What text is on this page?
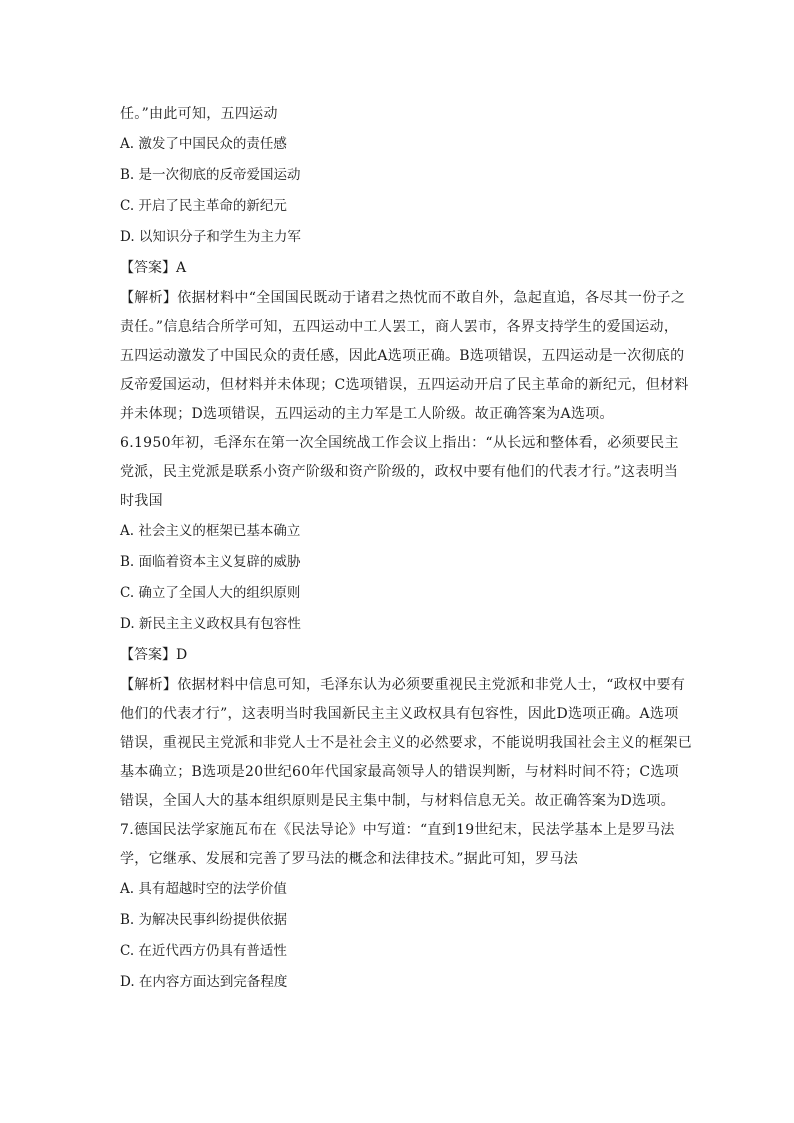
任。”由此可知，五四运动
A. 激发了中国民众的责任感
B. 是一次彻底的反帝爱国运动
C. 开启了民主革命的新纪元
D. 以知识分子和学生为主力军
【答案】A
【解析】依据材料中“全国国民既动于诸君之热忱而不敢自外，急起直追，各尽其一份子之
责任。”信息结合所学可知，五四运动中工人罢工，商人罢市，各界支持学生的爱国运动，
五四运动激发了中国民众的责任感，因此A选项正确。B选项错误，五四运动是一次彻底的
反帝爱国运动，但材料并未体现；C选项错误，五四运动开启了民主革命的新纪元，但材料
并未体现；D选项错误，五四运动的主力军是工人阶级。故正确答案为A选项。
6.1950年初，毛泽东在第一次全国统战工作会议上指出：“从长远和整体看，必须要民主
党派，民主党派是联系小资产阶级和资产阶级的，政权中要有他们的代表才行。”这表明当
时我国
A. 社会主义的框架已基本确立
B. 面临着资本主义复辟的威胁
C. 确立了全国人大的组织原则
D. 新民主主义政权具有包容性
【答案】D
【解析】依据材料中信息可知，毛泽东认为必须要重视民主党派和非党人士，“政权中要有
他们的代表才行”，这表明当时我国新民主主义政权具有包容性，因此D选项正确。A选项
错误，重视民主党派和非党人士不是社会主义的必然要求，不能说明我国社会主义的框架已
基本确立；B选项是20世纪60年代国家最高领导人的错误判断，与材料时间不符；C选项
错误，全国人大的基本组织原则是民主集中制，与材料信息无关。故正确答案为D选项。
7.德国民法学家施瓦布在《民法导论》中写道：“直到19世纪末，民法学基本上是罗马法
学，它继承、发展和完善了罗马法的概念和法律技术。”据此可知，罗马法
A. 具有超越时空的法学价值
B. 为解决民事纠纷提供依据
C. 在近代西方仍具有普适性
D. 在内容方面达到完备程度
